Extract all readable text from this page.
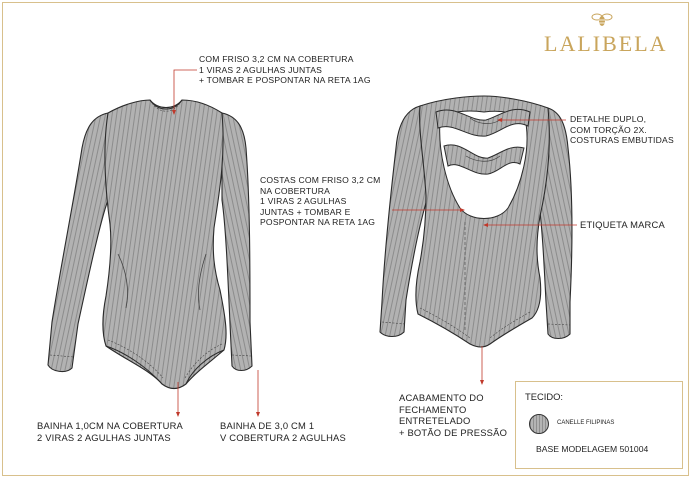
LALIBELA
COM FRISO 3,2 CM NA COBERTURA
1 VIRAS 2 AGULHAS JUNTAS
+ TOMBAR E POSPONTAR NA RETA 1AG
COSTAS COM FRISO 3,2 CM
NA COBERTURA
1 VIRAS 2 AGULHAS
JUNTAS + TOMBAR E
POSPONTAR NA RETA 1AG
DETALHE DUPLO,
COM TORÇÃO 2X.
COSTURAS EMBUTIDAS
ETIQUETA MARCA
BAINHA 1,0CM NA COBERTURA
2 VIRAS 2 AGULHAS JUNTAS
BAINHA DE 3,0 CM 1
V COBERTURA 2 AGULHAS
ACABAMENTO DO
FECHAMENTO
ENTRETELADO
+ BOTÃO DE PRESSÃO
TECIDO:
CANELLE FILIPINAS
BASE MODELAGEM 501004
